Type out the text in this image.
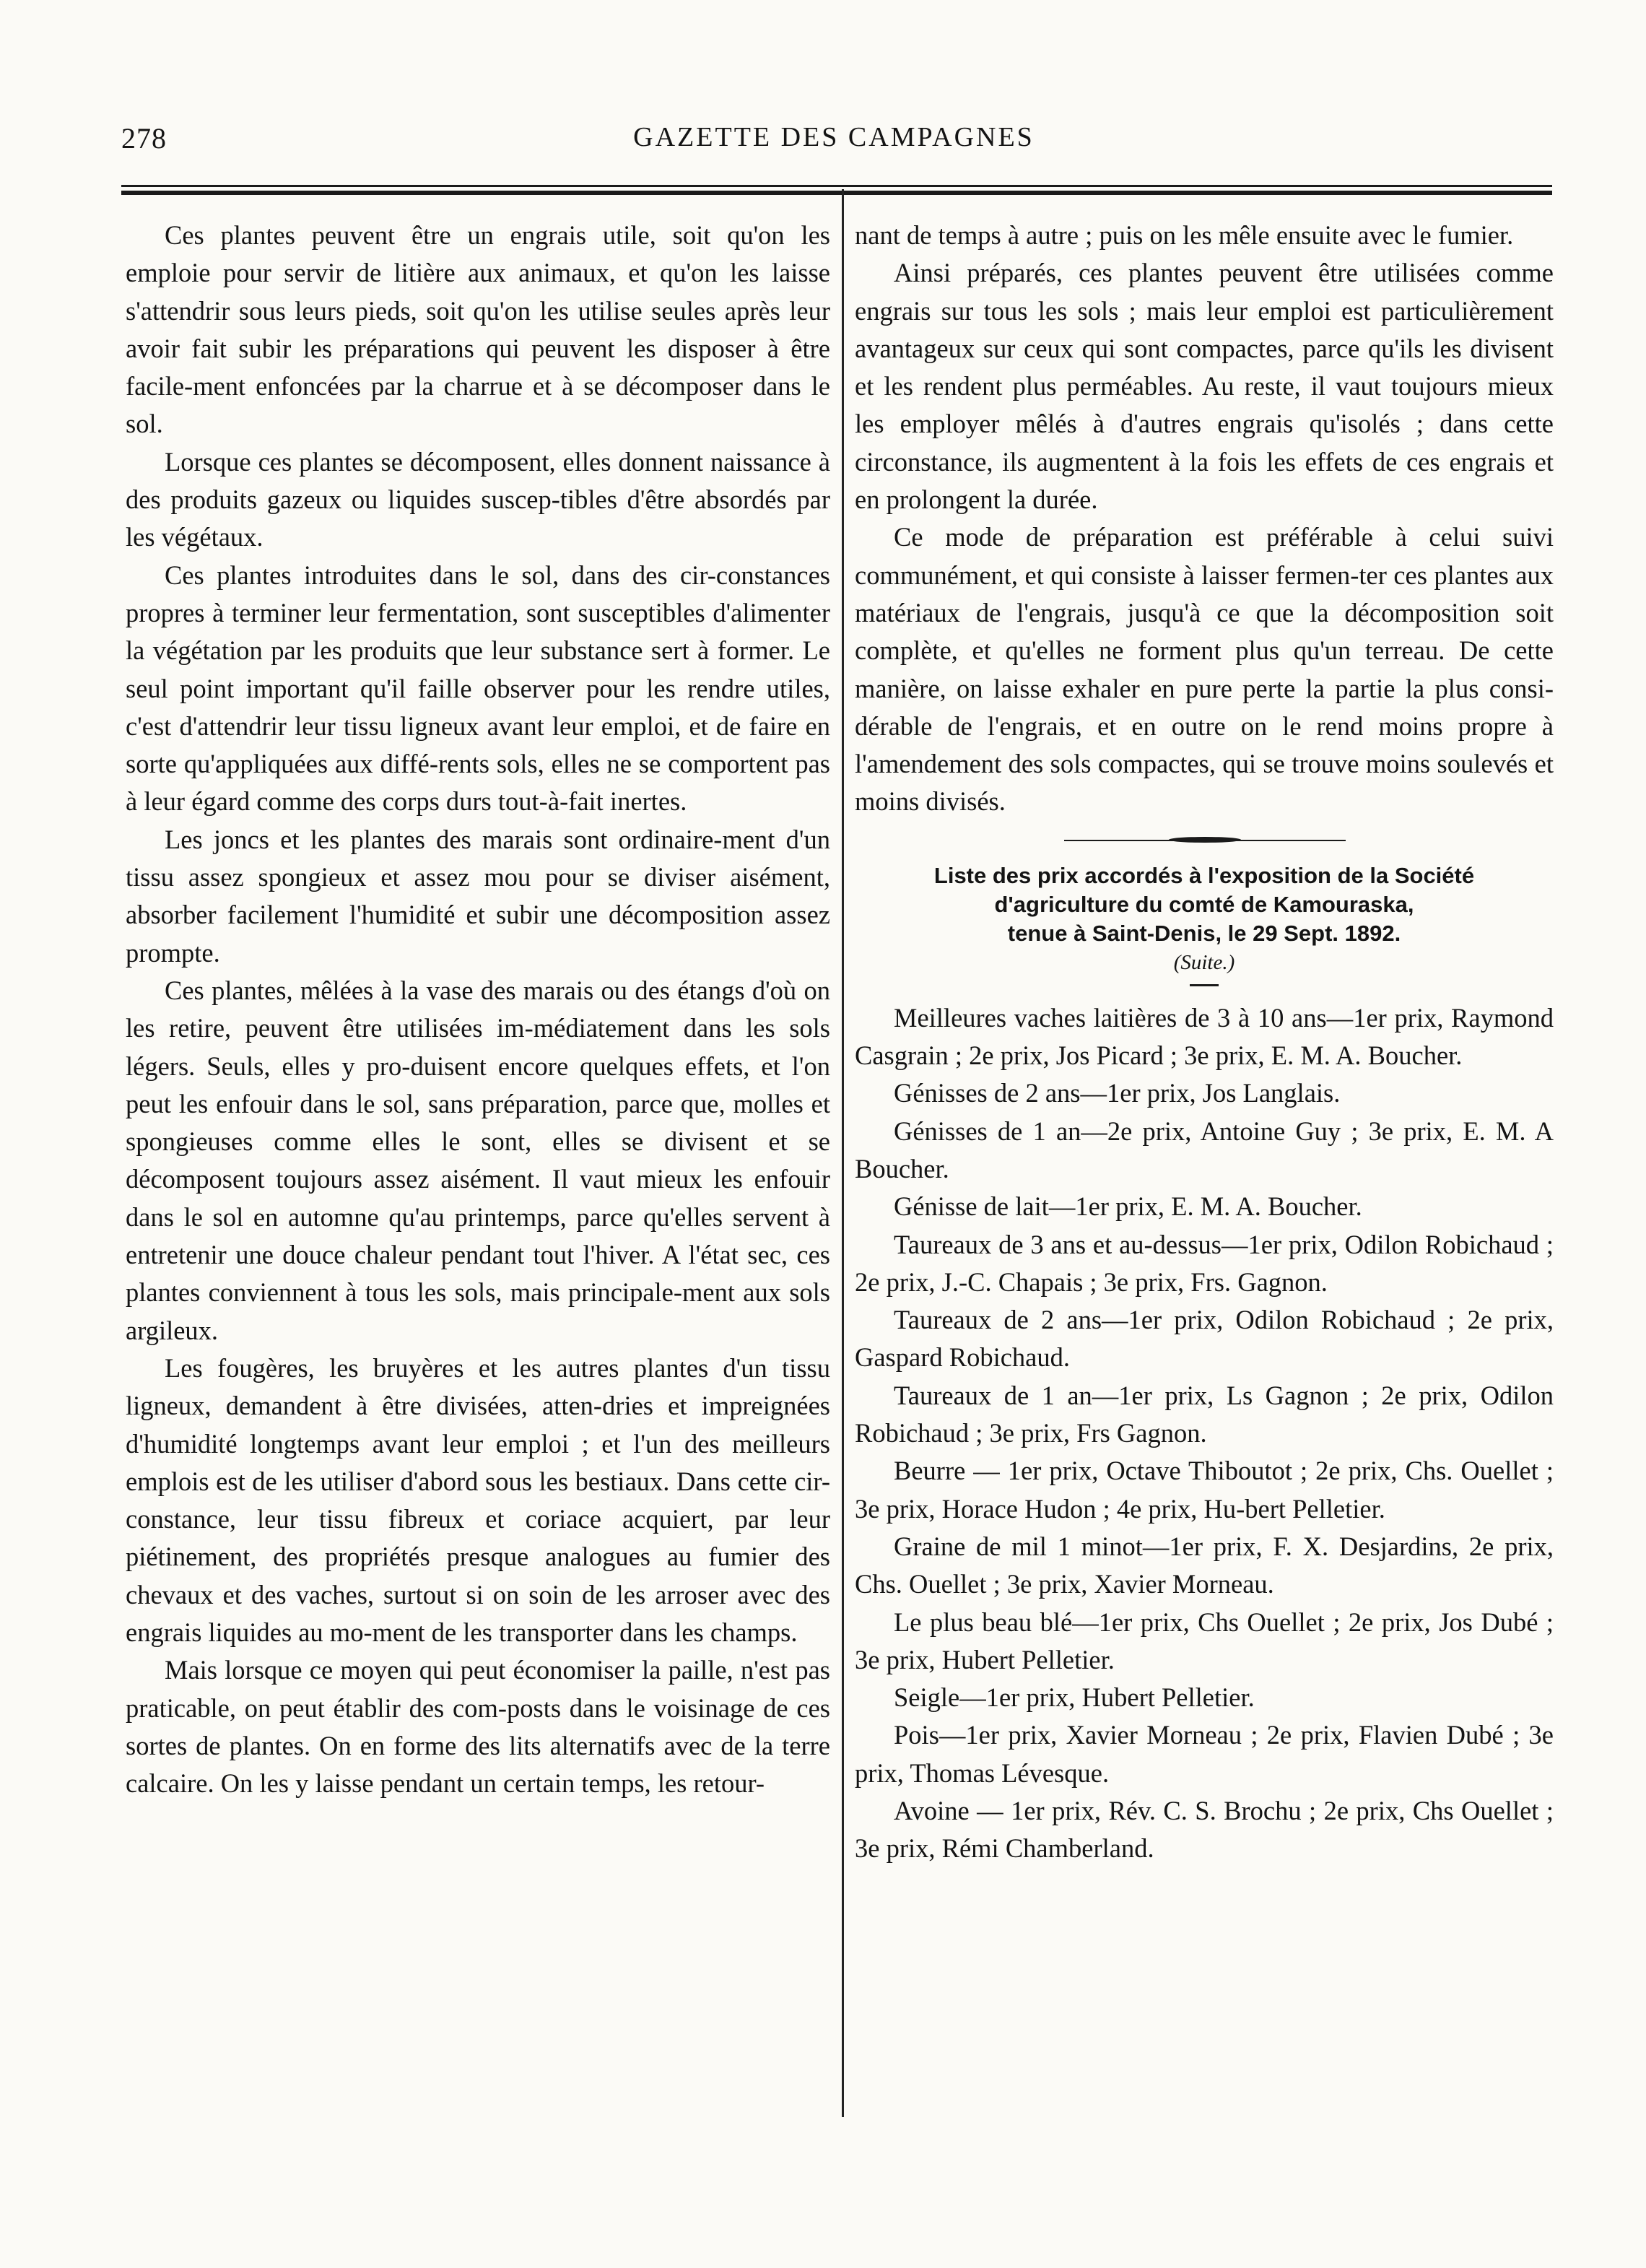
278	GAZETTE DES CAMPAGNES

Ces plantes peuvent être un engrais utile, soit qu'on les emploie pour servir de litière aux animaux, et qu'on les laisse s'attendrir sous leurs pieds, soit qu'on les utilise seules après leur avoir fait subir les préparations qui peuvent les disposer à être facile-ment enfoncées par la charrue et à se décomposer dans le sol.

Lorsque ces plantes se décomposent, elles donnent naissance à des produits gazeux ou liquides suscep-tibles d'être absordés par les végétaux.

Ces plantes introduites dans le sol, dans des cir-constances propres à terminer leur fermentation, sont susceptibles d'alimenter la végétation par les produits que leur substance sert à former. Le seul point important qu'il faille observer pour les rendre utiles, c'est d'attendrir leur tissu ligneux avant leur emploi, et de faire en sorte qu'appliquées aux diffé-rents sols, elles ne se comportent pas à leur égard comme des corps durs tout-à-fait inertes.

Les joncs et les plantes des marais sont ordinaire-ment d'un tissu assez spongieux et assez mou pour se diviser aisément, absorber facilement l'humidité et subir une décomposition assez prompte.

Ces plantes, mêlées à la vase des marais ou des étangs d'où on les retire, peuvent être utilisées im-médiatement dans les sols légers. Seuls, elles y pro-duisent encore quelques effets, et l'on peut les enfouir dans le sol, sans préparation, parce que, molles et spongieuses comme elles le sont, elles se divisent et se décomposent toujours assez aisément. Il vaut mieux les enfouir dans le sol en automne qu'au printemps, parce qu'elles servent à entretenir une douce chaleur pendant tout l'hiver. A l'état sec, ces plantes conviennent à tous les sols, mais principale-ment aux sols argileux.

Les fougères, les bruyères et les autres plantes d'un tissu ligneux, demandent à être divisées, atten-dries et impreignées d'humidité longtemps avant leur emploi ; et l'un des meilleurs emplois est de les utiliser d'abord sous les bestiaux. Dans cette cir-constance, leur tissu fibreux et coriace acquiert, par leur piétinement, des propriétés presque analogues au fumier des chevaux et des vaches, surtout si on soin de les arroser avec des engrais liquides au mo-ment de les transporter dans les champs.

Mais lorsque ce moyen qui peut économiser la paille, n'est pas praticable, on peut établir des com-posts dans le voisinage de ces sortes de plantes. On en forme des lits alternatifs avec de la terre calcaire. On les y laisse pendant un certain temps, les retour-

nant de temps à autre ; puis on les mêle ensuite avec le fumier.

Ainsi préparés, ces plantes peuvent être utilisées comme engrais sur tous les sols ; mais leur emploi est particulièrement avantageux sur ceux qui sont compactes, parce qu'ils les divisent et les rendent plus perméables. Au reste, il vaut toujours mieux les employer mêlés à d'autres engrais qu'isolés ; dans cette circonstance, ils augmentent à la fois les effets de ces engrais et en prolongent la durée.

Ce mode de préparation est préférable à celui suivi communément, et qui consiste à laisser fermen-ter ces plantes aux matériaux de l'engrais, jusqu'à ce que la décomposition soit complète, et qu'elles ne forment plus qu'un terreau. De cette manière, on laisse exhaler en pure perte la partie la plus consi-dérable de l'engrais, et en outre on le rend moins propre à l'amendement des sols compactes, qui se trouve moins soulevés et moins divisés.

Liste des prix accordés à l'exposition de la Société
d'agriculture du comté de Kamouraska,
tenue à Saint-Denis, le 29 Sept. 1892.
(Suite.)

Meilleures vaches laitières de 3 à 10 ans—1er prix, Raymond Casgrain ; 2e prix, Jos Picard ; 3e prix, E. M. A. Boucher.

Génisses de 2 ans—1er prix, Jos Langlais.

Génisses de 1 an—2e prix, Antoine Guy ; 3e prix, E. M. A Boucher.

Génisse de lait—1er prix, E. M. A. Boucher.

Taureaux de 3 ans et au-dessus—1er prix, Odilon Robichaud ; 2e prix, J.-C. Chapais ; 3e prix, Frs. Gagnon.

Taureaux de 2 ans—1er prix, Odilon Robichaud ; 2e prix, Gaspard Robichaud.

Taureaux de 1 an—1er prix, Ls Gagnon ; 2e prix, Odilon Robichaud ; 3e prix, Frs Gagnon.

Beurre — 1er prix, Octave Thiboutot ; 2e prix, Chs. Ouellet ; 3e prix, Horace Hudon ; 4e prix, Hu-bert Pelletier.

Graine de mil 1 minot—1er prix, F. X. Desjardins, 2e prix, Chs. Ouellet ; 3e prix, Xavier Morneau.

Le plus beau blé—1er prix, Chs Ouellet ; 2e prix, Jos Dubé ; 3e prix, Hubert Pelletier.

Seigle—1er prix, Hubert Pelletier.

Pois—1er prix, Xavier Morneau ; 2e prix, Flavien Dubé ; 3e prix, Thomas Lévesque.

Avoine — 1er prix, Rév. C. S. Brochu ; 2e prix, Chs Ouellet ; 3e prix, Rémi Chamberland.
